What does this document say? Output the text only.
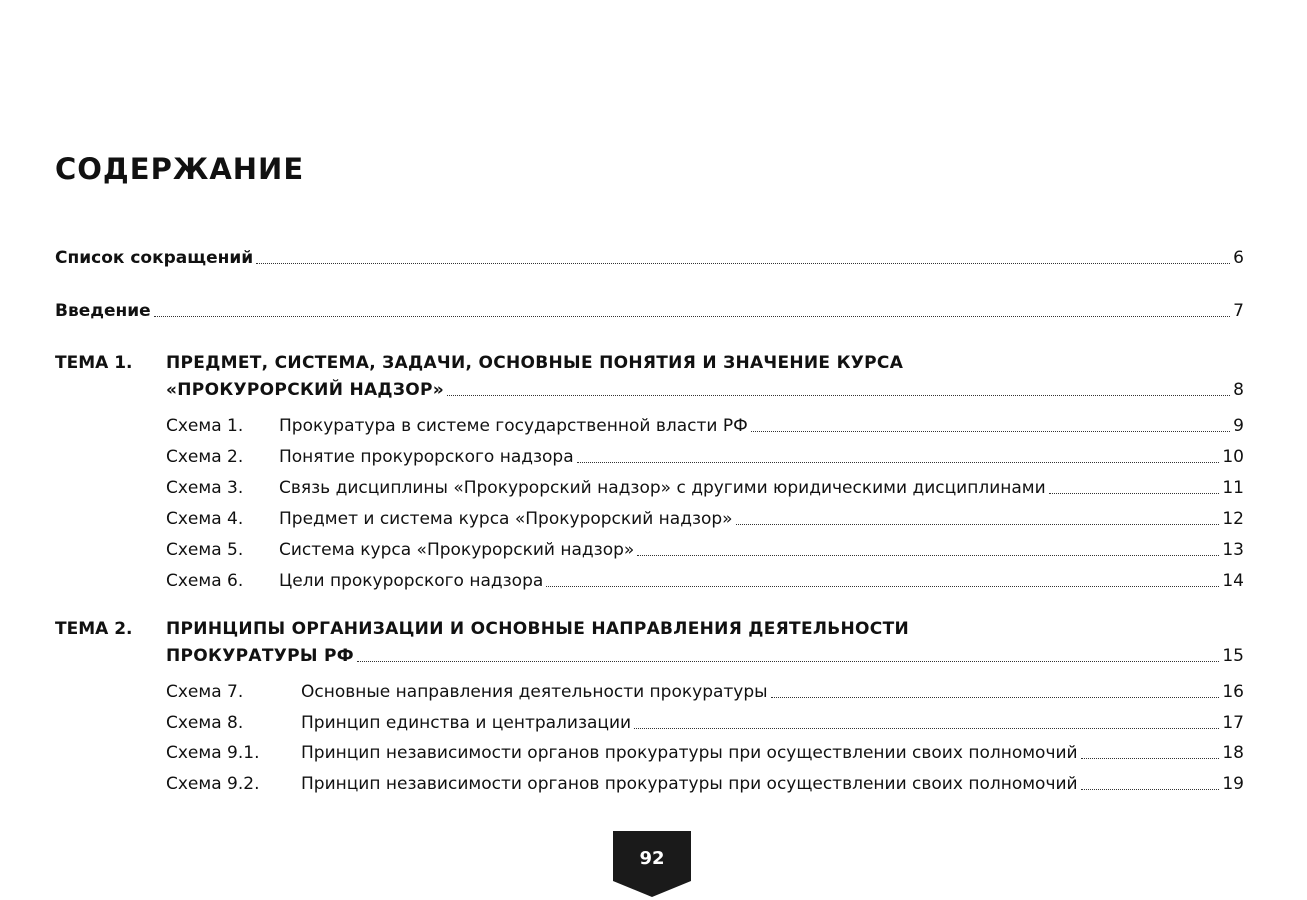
СОДЕРЖАНИЕ
Список сокращений	6
Введение	7
ТЕМА 1. ПРЕДМЕТ, СИСТЕМА, ЗАДАЧИ, ОСНОВНЫЕ ПОНЯТИЯ И ЗНАЧЕНИЕ КУРСА
«ПРОКУРОРСКИЙ НАДЗОР»	8
Схема 1. Прокуратура в системе государственной власти РФ	9
Схема 2. Понятие прокурорского надзора	10
Схема 3. Связь дисциплины «Прокурорский надзор» с другими юридическими дисциплинами	11
Схема 4. Предмет и система курса «Прокурорский надзор»	12
Схема 5. Система курса «Прокурорский надзор»	13
Схема 6. Цели прокурорского надзора	14
ТЕМА 2. ПРИНЦИПЫ ОРГАНИЗАЦИИ И ОСНОВНЫЕ НАПРАВЛЕНИЯ ДЕЯТЕЛЬНОСТИ
ПРОКУРАТУРЫ РФ	15
Схема 7.	Основные направления деятельности прокуратуры	16
Схема 8.	Принцип единства и централизации	17
Схема 9.1. Принцип независимости органов прокуратуры при осуществлении своих полномочий	18
Схема 9.2. Принцип независимости органов прокуратуры при осуществлении своих полномочий	19
92
